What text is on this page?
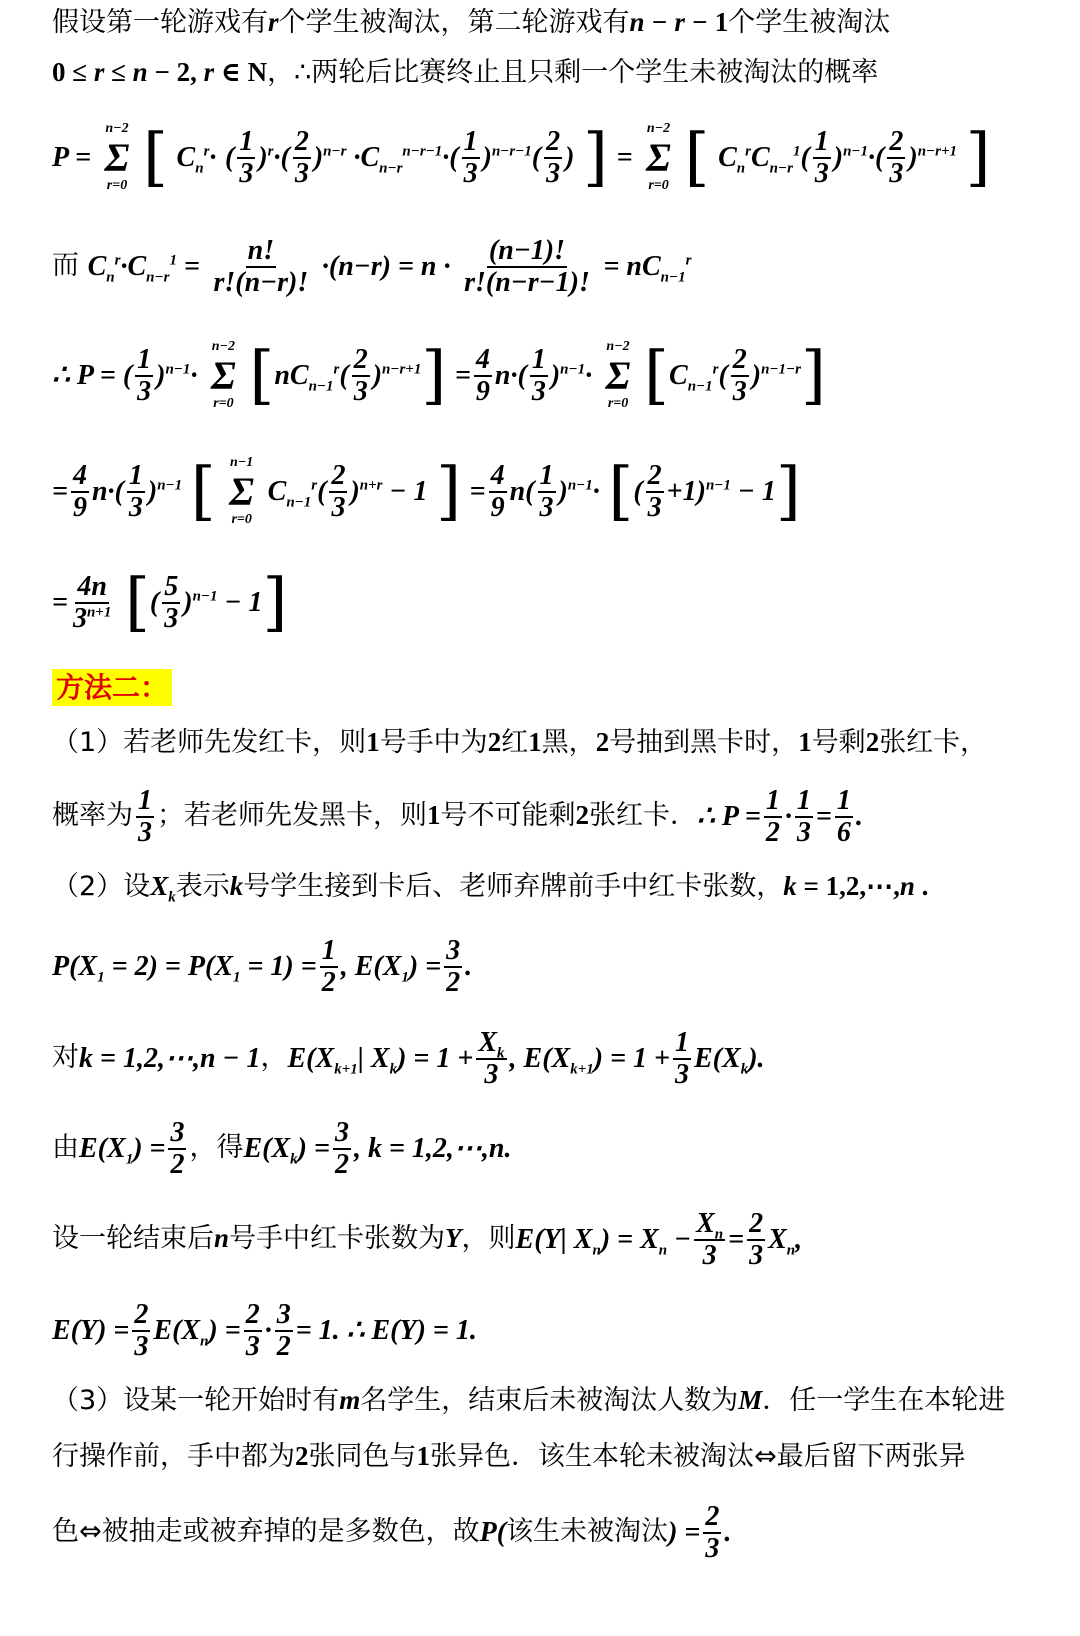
假设第一轮游戏有r个学生被淘汰，第二轮游戏有n − r − 1个学生被淘汰
0 ≤ r ≤ n − 2, r ∈ N，∴两轮后比赛终止且只剩一个学生未被淘汰的概率
P =
n−2
Σ
r=0 [ $C_n^r\cdot$ ( $\frac{1}{3} )^r\cdot( \frac{2}{3} )^{n-r} \cdot C_{n-r}^{n-r-1}\cdot( \frac{1}{3} )^{n-r-1}( \frac{2}{3}$ ) ] =
n−2
Σ
r=0 [ $C_n^rC_{n-r}^1( \frac{1}{3} )^{n-1}\cdot( \frac{2}{3} )^{n-r+1}$ ]
而 $C_n^r\cdot C_{n-r}^1 = \frac{n!}{r!(n-r)!} \cdot(n-r) = n \cdot \frac{(n-1)!}{r!(n-r-1)!} = nC_{n-1}^r$
∴ P = ( $\frac{1}{3} )^{n-1}\cdot$
n−2
Σ
r=0 $[nC_{n-1}^r( \frac{2}{3} )^{n-r+1}] = \frac{4}{9} n\cdot( \frac{1}{3} )^{n-1}\cdot$
n−2
Σ
r=0 $[C_{n-1}^r( \frac{2}{3} )^{n-1-r}]$
= $\frac{4}{9} n\cdot( \frac{1}{3} )^{n-1}$ [ n−1
Σ
r=0
$C_{n-1}^r( \frac{2}{3} )^{n+r} - 1$ ] = $\frac{4}{9} n( \frac{1}{3} )^{n-1}\cdot$ [( $\frac{2}{3} +1)^{n-1} - 1$]
= $\frac{4n}{3^{n+1}}$ [( $\frac{5}{3} )^{n-1} - 1$]
方法二：
（1）若老师先发红卡，则1号手中为2红1黑，2号抽到黑卡时，1号剩2张红卡，
概率为 $\frac{1}{3}$ ；若老师先发黑卡，则1号不可能剩2张红卡．∴ $P = \frac{1}{2} \cdot \frac{1}{3} = \frac{1}{6}$ .
（2）设$X_k$表示k号学生接到卡后、老师弃牌前手中红卡张数，k = 1,2,⋯,n .
$P(X_1 = 2) = P(X_1 = 1) = \frac{1}{2}$ , $E(X_1) = \frac{3}{2}$ .
对k = 1,2,⋯,n − 1，$E(X_{k+1}|$ $X_k) = 1 + \frac{X_k}{3}$ , $E(X_{k+1}) = 1 + \frac{1}{3} E(X_k)$.
由$E(X_1) = \frac{3}{2}$ ，得$E(X_k) = \frac{3}{2}$ , k = 1,2,⋯,n.
设一轮结束后n号手中红卡张数为Y，则E(Y| $X_n) = X_n - \frac{X_n}{3} = \frac{2}{3} X_n$,
$E(Y) = \frac{2}{3} E(X_n) = \frac{2}{3} \cdot \frac{3}{2} = 1$. ∴ E(Y) = 1.
（3）设某一轮开始时有m名学生，结束后未被淘汰人数为M．任一学生在本轮进
行操作前，手中都为2张同色与1张异色．该生本轮未被淘汰⇔最后留下两张异
色⇔被抽走或被弃掉的是多数色，故P(该生未被淘汰) = $\frac{2}{3}$ .
